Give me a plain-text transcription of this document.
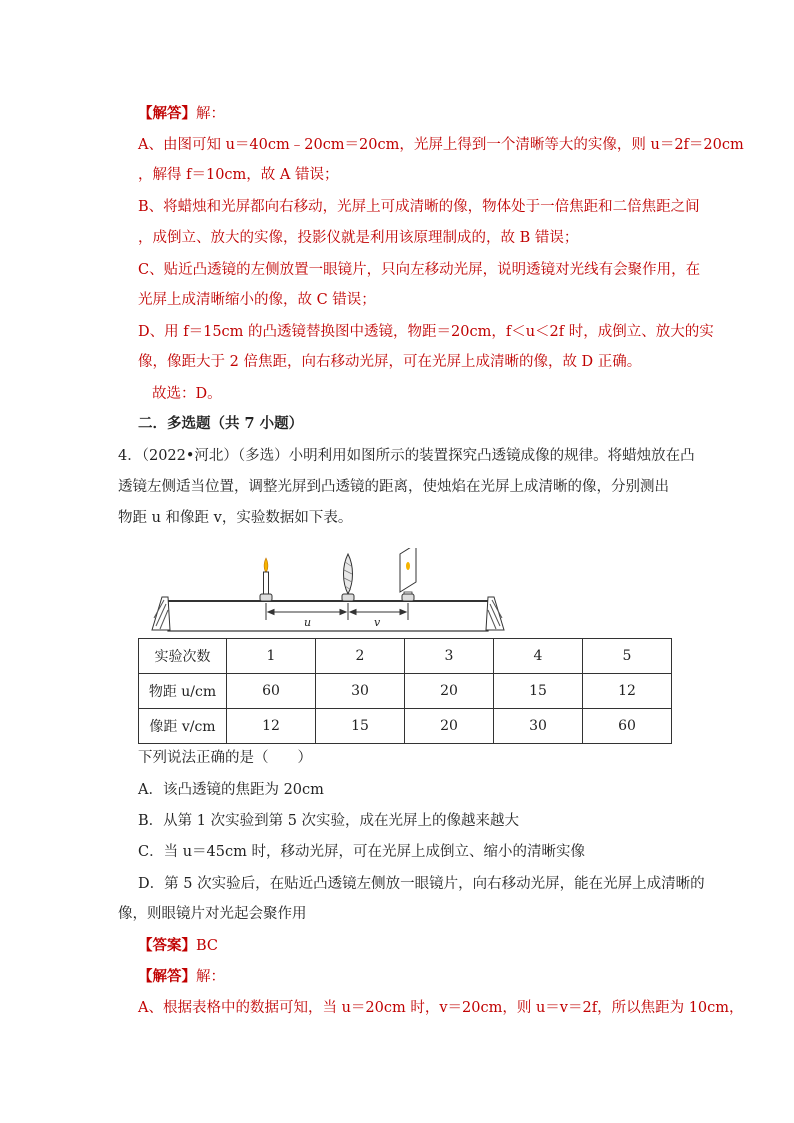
【解答】解：
A、由图可知 u＝40cm﹣20cm＝20cm，光屏上得到一个清晰等大的实像，则 u＝2f＝20cm
，解得 f＝10cm，故 A 错误；
B、将蜡烛和光屏都向右移动，光屏上可成清晰的像，物体处于一倍焦距和二倍焦距之间
，成倒立、放大的实像，投影仪就是利用该原理制成的，故 B 错误；
C、贴近凸透镜的左侧放置一眼镜片，只向左移动光屏，说明透镜对光线有会聚作用，在
光屏上成清晰缩小的像，故 C 错误；
D、用 f＝15cm 的凸透镜替换图中透镜，物距＝20cm，f＜u＜2f 时，成倒立、放大的实
像，像距大于 2 倍焦距，向右移动光屏，可在光屏上成清晰的像，故 D 正确。
故选：D。
二．多选题（共 7 小题）
4．（2022•河北）（多选）小明利用如图所示的装置探究凸透镜成像的规律。将蜡烛放在凸
透镜左侧适当位置，调整光屏到凸透镜的距离，使烛焰在光屏上成清晰的像，分别测出
物距 u 和像距 v，实验数据如下表。
u	v
实验次数	1	2	3	4	5
物距 u/cm	60	30	20	15	12
像距 v/cm	12	15	20	30	60
下列说法正确的是（　　）
A．该凸透镜的焦距为 20cm
B．从第 1 次实验到第 5 次实验，成在光屏上的像越来越大
C．当 u＝45cm 时，移动光屏，可在光屏上成倒立、缩小的清晰实像
D．第 5 次实验后，在贴近凸透镜左侧放一眼镜片，向右移动光屏，能在光屏上成清晰的
像，则眼镜片对光起会聚作用
【答案】BC
【解答】解：
A、根据表格中的数据可知，当 u＝20cm 时，v＝20cm，则 u＝v＝2f，所以焦距为 10cm，
